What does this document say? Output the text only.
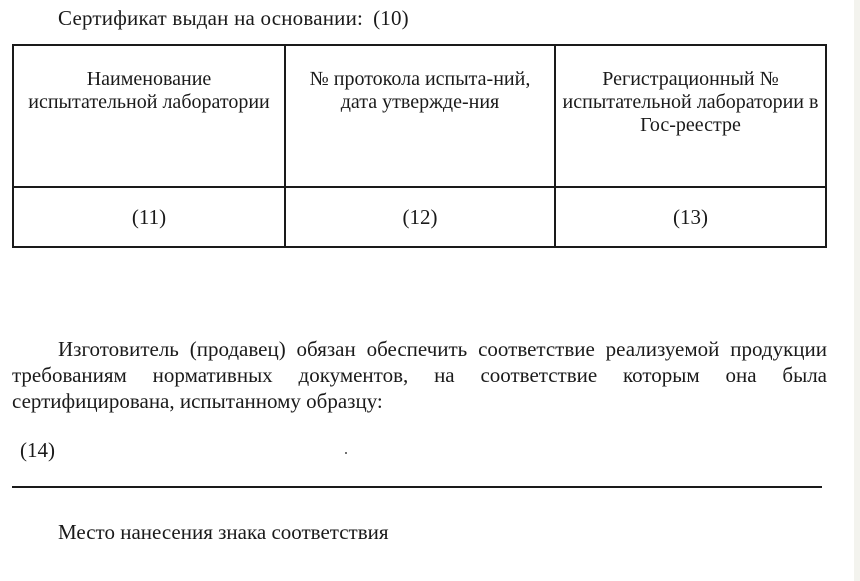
Сертификат выдан на основании: (10)
Наименование испытательной лаборатории	№ протокола испыта-ний, дата утвержде-ния	Регистрационный № испытательной лаборатории в Гос-реестре
(11)	(12)	(13)
Изготовитель (продавец) обязан обеспечить соответствие реализуемой продукции требованиям нормативных документов, на соответствие которым она была сертифицирована, испытанному образцу:
(14)
Место нанесения знака соответствия
